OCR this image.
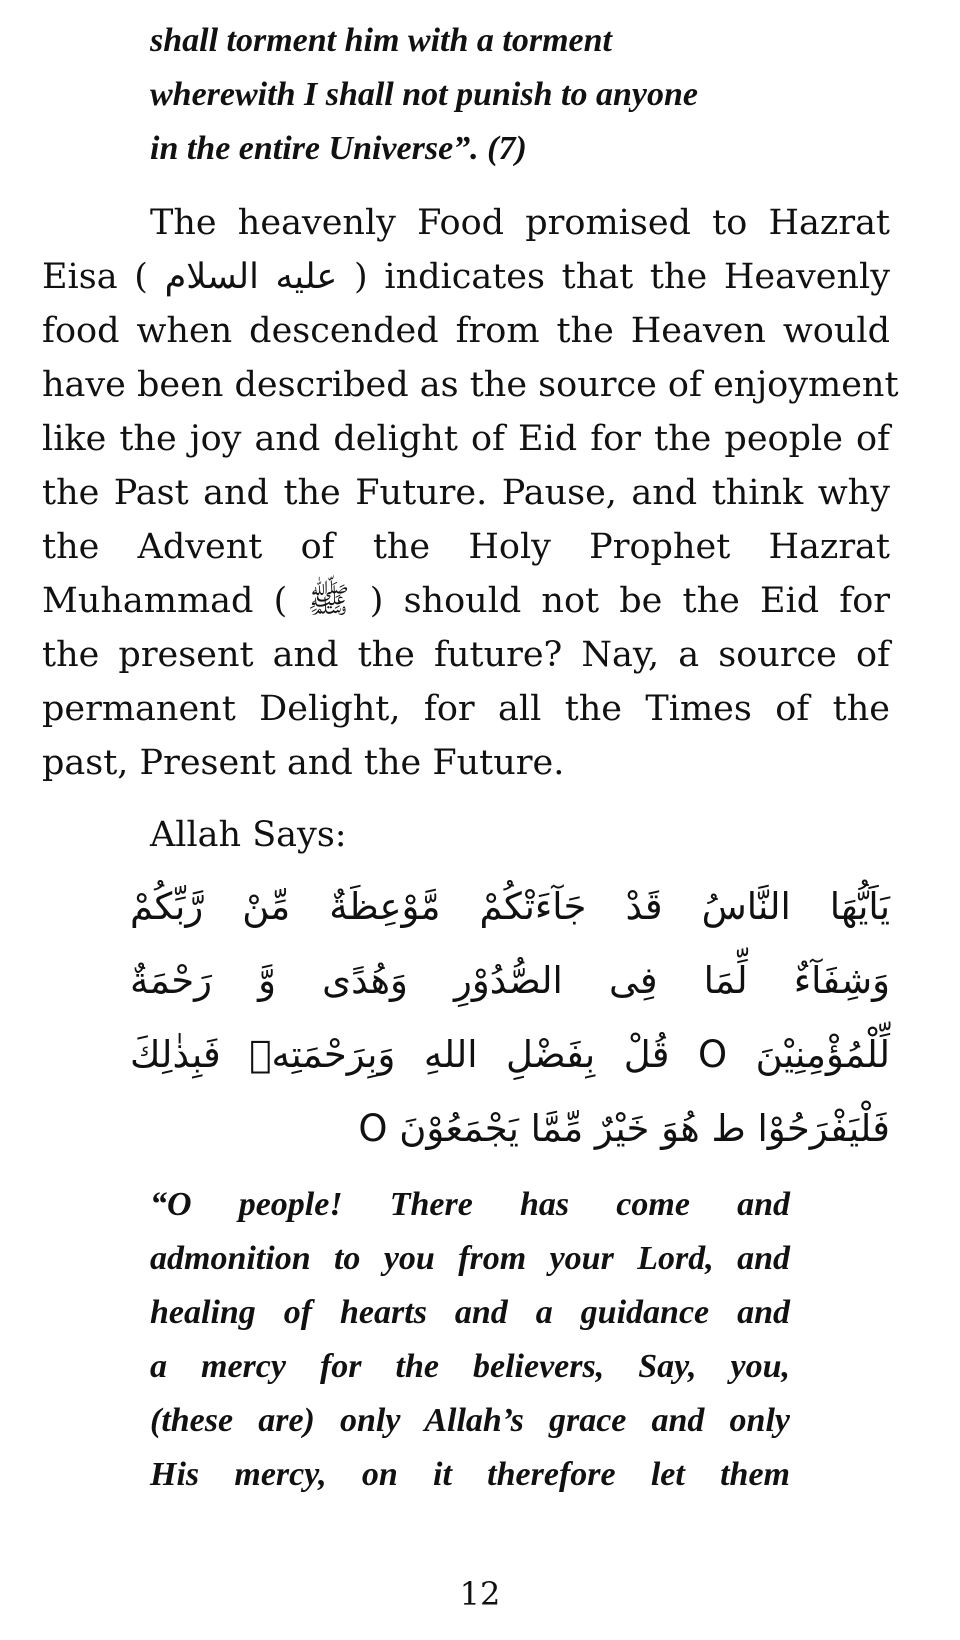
shall torment him with a torment
wherewith I shall not punish to anyone
in the entire Universe”. (7)
The heavenly Food promised to Hazrat
Eisa ( عليه السلام ) indicates that the Heavenly
food when descended from the Heaven would
have been described as the source of enjoyment
like the joy and delight of Eid for the people of
the Past and the Future. Pause, and think why
the Advent of the Holy Prophet Hazrat
Muhammad ( ﷺ ) should not be the Eid for
the present and the future? Nay, a source of
permanent Delight, for all the Times of the
past, Present and the Future.
Allah Says:
يَاَيُّهَا النَّاسُ قَدْ جَآءَتْكُمْ مَّوْعِظَةٌ مِّنْ رَّبِّكُمْ
وَشِفَآءٌ لِّمَا فِى الصُّدُوْرِ وَهُدًى وَّ رَحْمَةٌ
لِّلْمُؤْمِنِيْنَ O قُلْ بِفَضْلِ اللهِ وَبِرَحْمَتِهٖ فَبِذٰلِكَ
فَلْيَفْرَحُوْا ط هُوَ خَيْرٌ مِّمَّا يَجْمَعُوْنَ O
“O people! There has come and
admonition to you from your Lord, and
healing of hearts and a guidance and
a mercy for the believers, Say, you,
(these are) only Allah’s grace and only
His mercy, on it therefore let them
12
